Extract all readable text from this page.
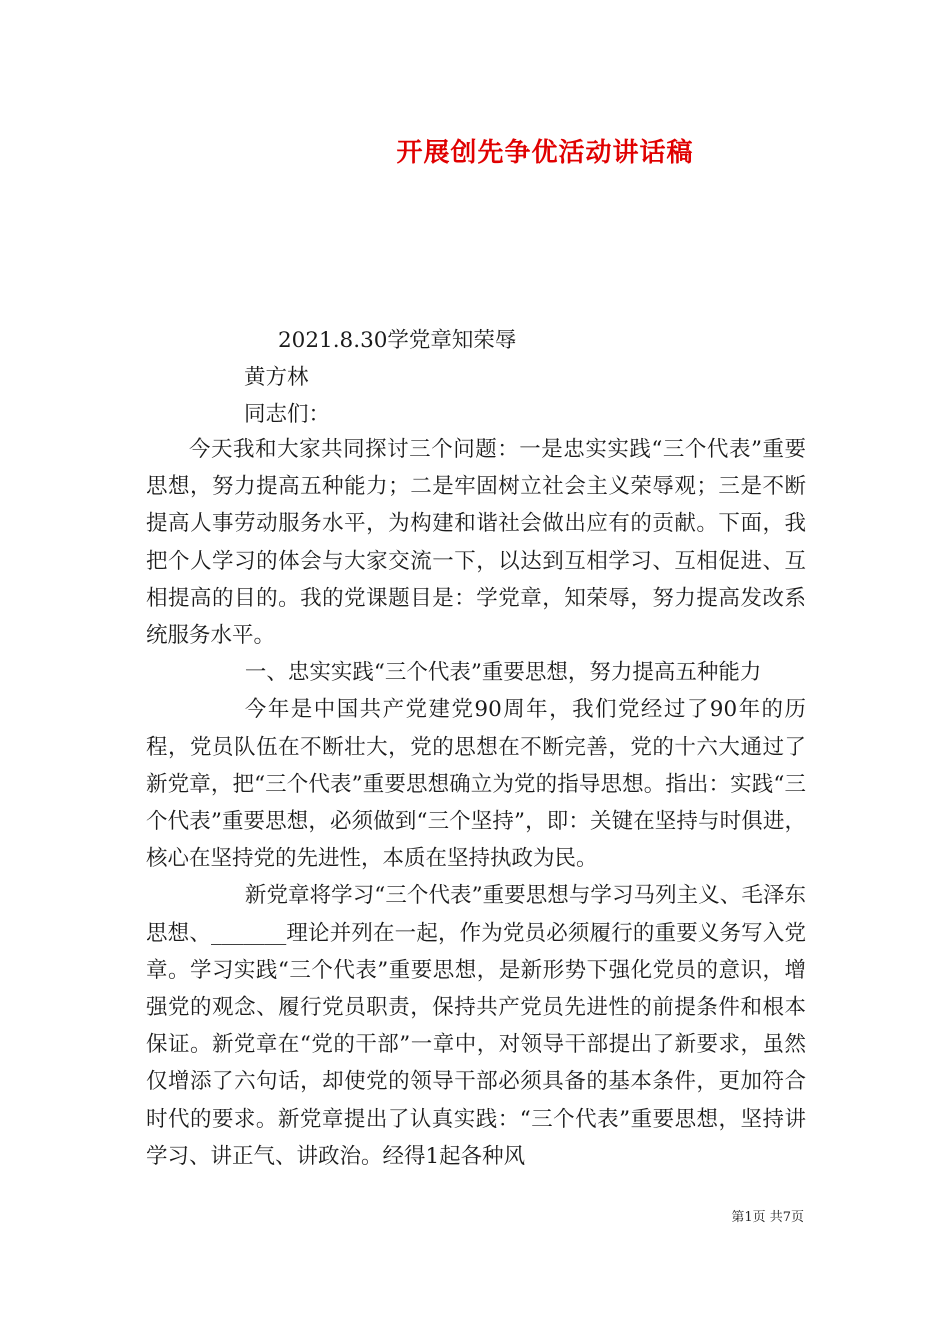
开展创先争优活动讲话稿
2021.8.30学党章知荣辱
黄方林
同志们：

今天我和大家共同探讨三个问题：一是忠实实践“三个代表”重要思想，努力提高五种能力；二是牢固树立社会主义荣辱观；三是不断提高人事劳动服务水平，为构建和谐社会做出应有的贡献。下面，我把个人学习的体会与大家交流一下，以达到互相学习、互相促进、互相提高的目的。我的党课题目是：学党章，知荣辱，努力提高发改系统服务水平。

一、忠实实践“三个代表”重要思想，努力提高五种能力

今年是中国共产党建党90周年，我们党经过了90年的历程，党员队伍在不断壮大，党的思想在不断完善，党的十六大通过了新党章，把“三个代表”重要思想确立为党的指导思想。指出：实践“三个代表”重要思想，必须做到“三个坚持”，即：关键在坚持与时俱进，核心在坚持党的先进性，本质在坚持执政为民。

新党章将学习“三个代表”重要思想与学习马列主义、毛泽东思想、_______理论并列在一起，作为党员必须履行的重要义务写入党章。学习实践“三个代表”重要思想，是新形势下强化党员的意识，增强党的观念、履行党员职责，保持共产党员先进性的前提条件和根本保证。新党章在“党的干部”一章中，对领导干部提出了新要求，虽然仅增添了六句话，却使党的领导干部必须具备的基本条件，更加符合时代的要求。新党章提出了认真实践：“三个代表”重要思想，坚持讲学习、讲正气、讲政治。经得1起各种风

第1页 共7页
